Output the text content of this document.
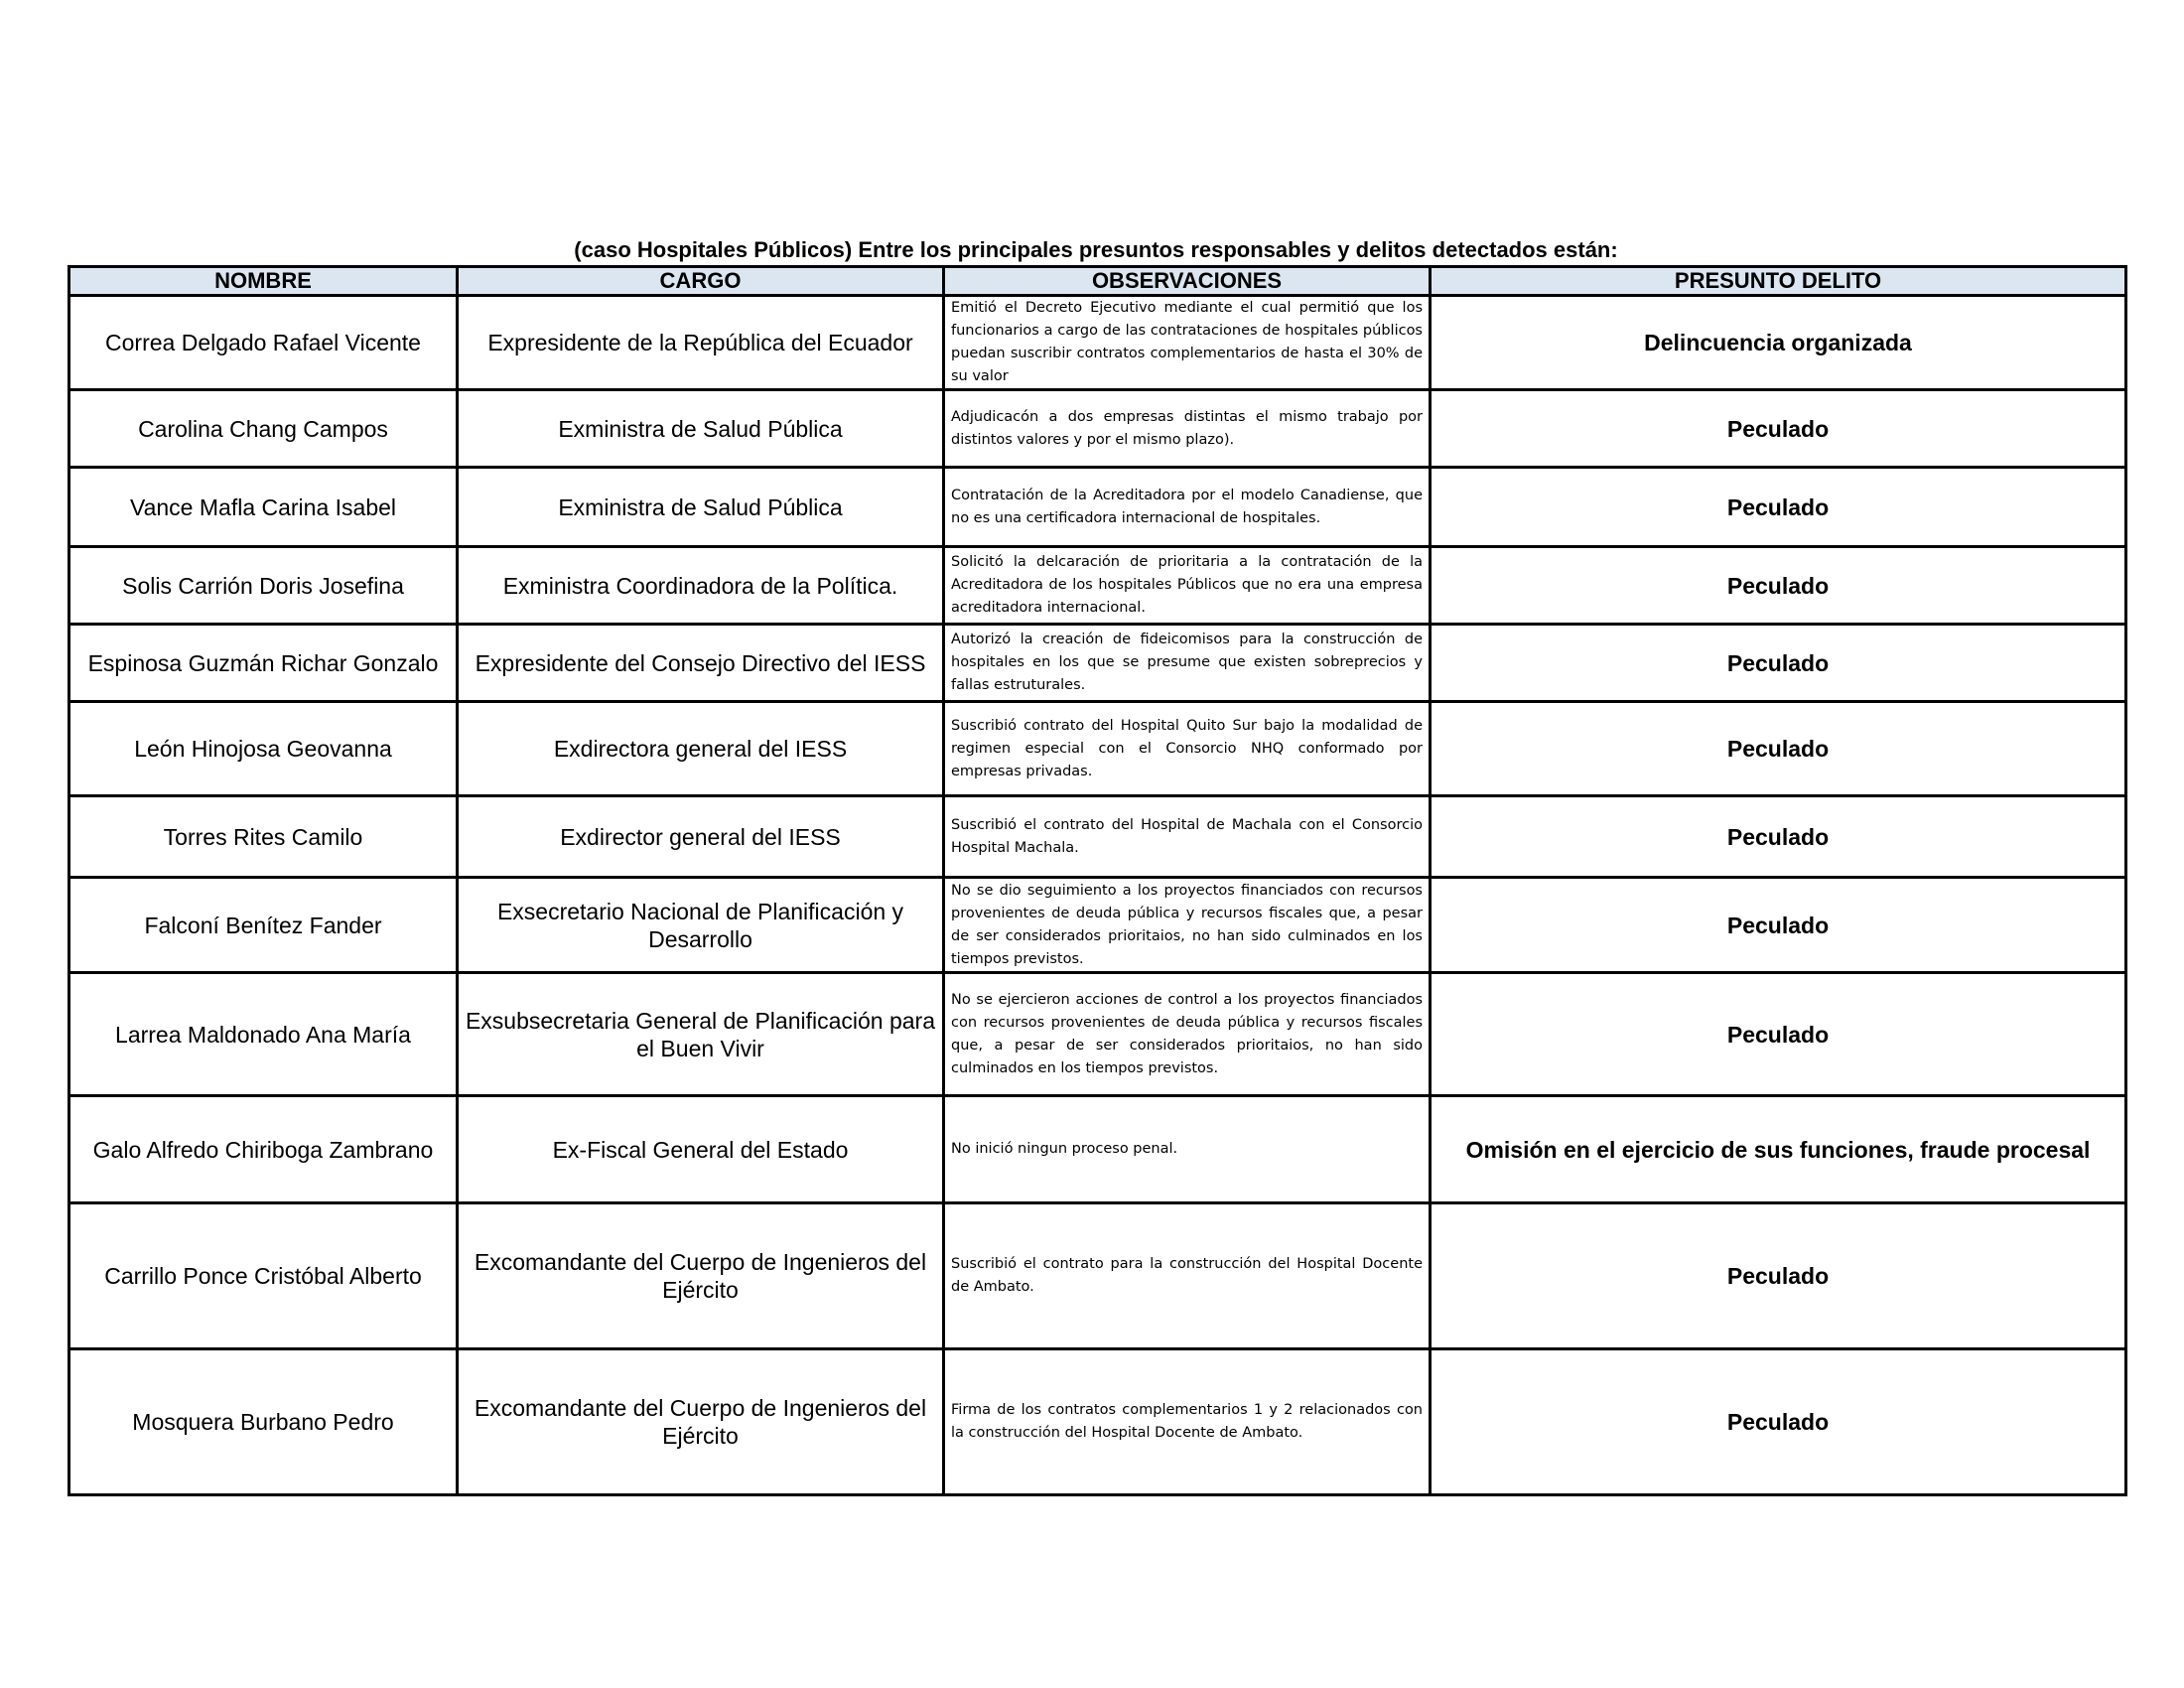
(caso Hospitales Públicos) Entre los principales presuntos responsables y delitos detectados están:
NOMBRE	CARGO	OBSERVACIONES	PRESUNTO DELITO
Correa Delgado Rafael Vicente	Expresidente de la República del Ecuador	Emitió el Decreto Ejecutivo mediante el cual permitió que los funcionarios a cargo de las contrataciones de hospitales públicos puedan suscribir contratos complementarios de hasta el 30% de su valor	Delincuencia organizada
Carolina Chang Campos	Exministra de Salud Pública	Adjudicacón a dos empresas distintas el mismo trabajo por distintos valores y por el mismo plazo).	Peculado
Vance Mafla Carina Isabel	Exministra de Salud Pública	Contratación de la Acreditadora por el modelo Canadiense, que no es una certificadora internacional de hospitales.	Peculado
Solis Carrión Doris Josefina	Exministra Coordinadora de la Política.	Solicitó la delcaración de prioritaria a la contratación de la Acreditadora de los hospitales Públicos que no era una empresa acreditadora internacional.	Peculado
Espinosa Guzmán Richar Gonzalo	Expresidente del Consejo Directivo del IESS	Autorizó la creación de fideicomisos para la construcción de hospitales en los que se presume que existen sobreprecios y fallas estruturales.	Peculado
León Hinojosa Geovanna	Exdirectora general del IESS	Suscribió contrato del Hospital Quito Sur bajo la modalidad de regimen especial con el Consorcio NHQ conformado por empresas privadas.	Peculado
Torres Rites Camilo	Exdirector general del IESS	Suscribió el contrato del Hospital de Machala con el Consorcio Hospital Machala.	Peculado
Falconí Benítez Fander	Exsecretario Nacional de Planificación y Desarrollo	No se dio seguimiento a los proyectos financiados con recursos provenientes de deuda pública y recursos fiscales que, a pesar de ser considerados prioritaios, no han sido culminados en los tiempos previstos.	Peculado
Larrea Maldonado Ana María	Exsubsecretaria General de Planificación para el Buen Vivir	No se ejercieron acciones de control a los proyectos financiados con recursos provenientes de deuda pública y recursos fiscales que, a pesar de ser considerados prioritaios, no han sido culminados en los tiempos previstos.	Peculado
Galo Alfredo Chiriboga Zambrano	Ex-Fiscal General del Estado	No inició ningun proceso penal.	Omisión en el ejercicio de sus funciones, fraude procesal
Carrillo Ponce Cristóbal Alberto	Excomandante del Cuerpo de Ingenieros del Ejército	Suscribió el contrato para la construcción del Hospital Docente de Ambato.	Peculado
Mosquera Burbano Pedro	Excomandante del Cuerpo de Ingenieros del Ejército	Firma de los contratos complementarios 1 y 2 relacionados con la construcción del Hospital Docente de Ambato.	Peculado
